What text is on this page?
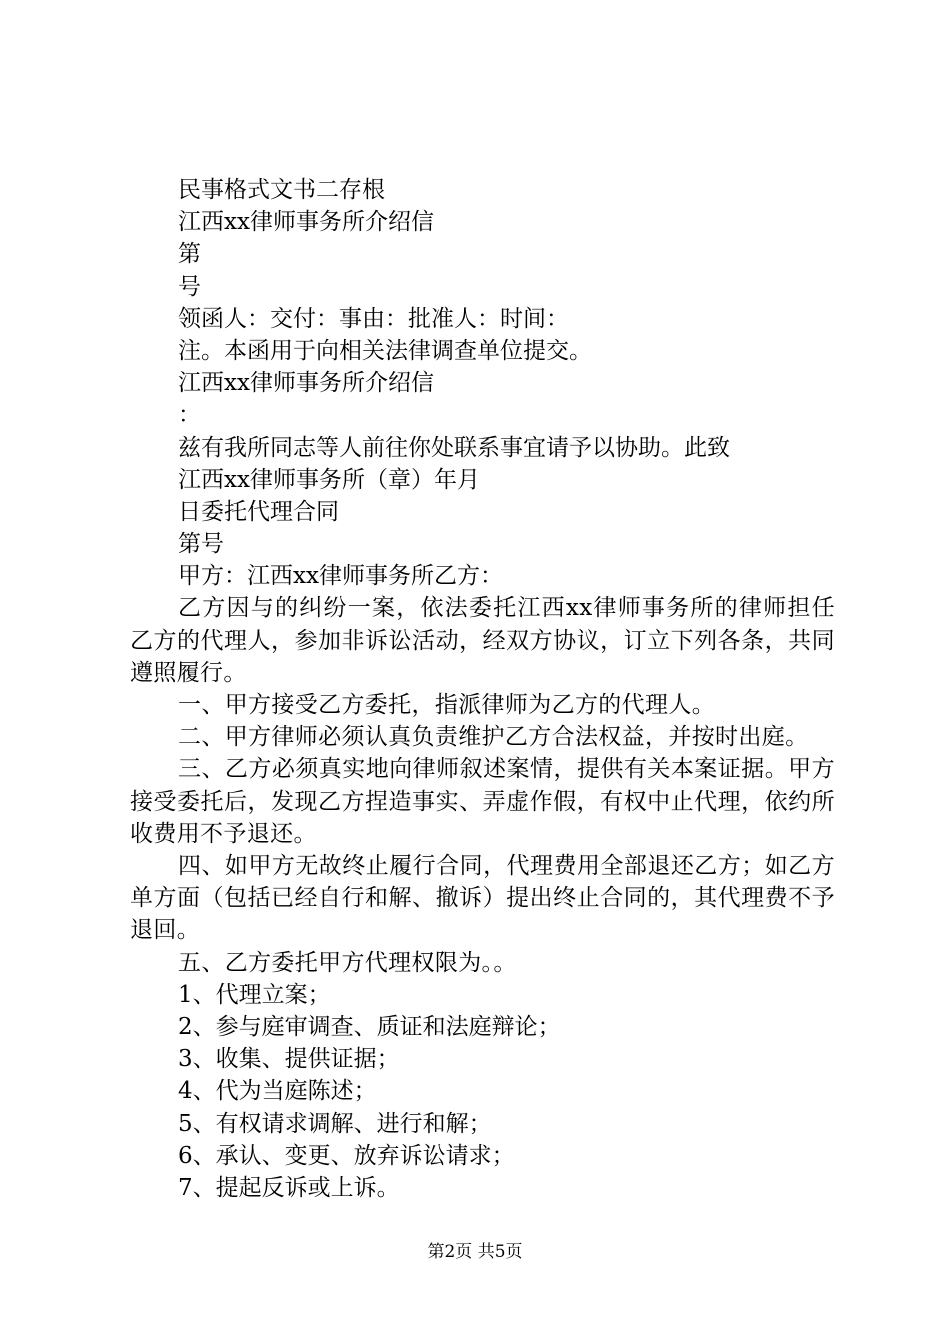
民事格式文书二存根
江西xx律师事务所介绍信
第
号
领函人：交付：事由：批准人：时间：
注。本函用于向相关法律调查单位提交。
江西xx律师事务所介绍信
：
兹有我所同志等人前往你处联系事宜请予以协助。此致
江西xx律师事务所（章）年月
日委托代理合同
第号
甲方：江西xx律师事务所乙方：
乙方因与的纠纷一案，依法委托江西xx律师事务所的律师担任乙方的代理人，参加非诉讼活动，经双方协议，订立下列各条，共同遵照履行。
一、甲方接受乙方委托，指派律师为乙方的代理人。
二、甲方律师必须认真负责维护乙方合法权益，并按时出庭。
三、乙方必须真实地向律师叙述案情，提供有关本案证据。甲方接受委托后，发现乙方捏造事实、弄虚作假，有权中止代理，依约所收费用不予退还。
四、如甲方无故终止履行合同，代理费用全部退还乙方；如乙方单方面（包括已经自行和解、撤诉）提出终止合同的，其代理费不予退回。
五、乙方委托甲方代理权限为。。
1、代理立案；
2、参与庭审调查、质证和法庭辩论；
3、收集、提供证据；
4、代为当庭陈述；
5、有权请求调解、进行和解；
6、承认、变更、放弃诉讼请求；
7、提起反诉或上诉。
第2页 共5页
